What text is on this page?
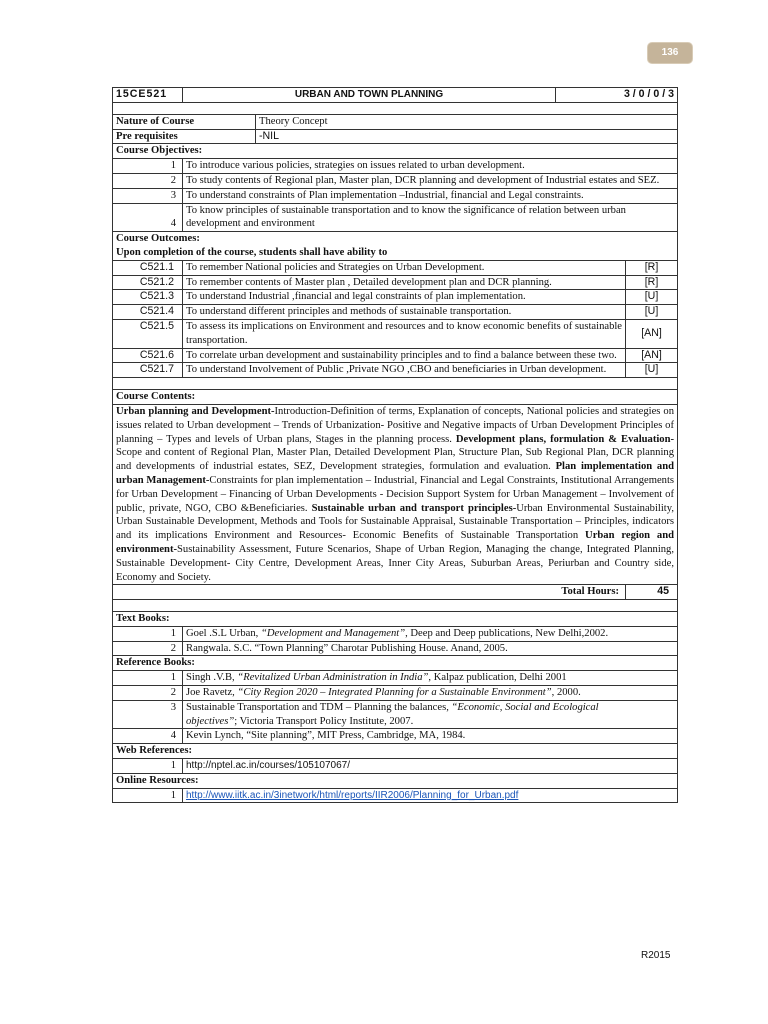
136
15CE521	URBAN AND TOWN PLANNING		3 / 0 / 0 / 3	

Nature of Course		Theory Concept		
Pre requisites		-NIL		
Course Objectives:				
1	To introduce various policies, strategies on issues related to urban development.			
2	To study contents of Regional plan, Master plan, DCR planning and development of Industrial estates and SEZ.			
3	To understand constraints of Plan implementation –Industrial, financial and Legal constraints.			
4	To know principles of sustainable transportation and to know the significance of relation between urban development and environment			
Course Outcomes:
Upon completion of the course, students shall have ability to				
C521.1	To remember National policies and Strategies on Urban Development.			[R]
C521.2	To remember contents of Master plan , Detailed development plan and DCR planning.			[R]
C521.3	To understand Industrial ,financial and legal constraints of plan implementation.			[U]
C521.4	To understand different principles and methods of sustainable transportation.			[U]
C521.5	To assess its implications on Environment and resources and to know economic benefits of sustainable transportation.			[AN]
C521.6	To correlate urban development and sustainability principles and to find a balance between these two.			[AN]
C521.7	To understand Involvement of Public ,Private NGO ,CBO and beneficiaries in Urban development.			[U]

Course Contents:				
Urban planning and Development-Introduction-Definition of terms, Explanation of concepts, National policies and strategies on issues related to Urban development – Trends of Urbanization- Positive and Negative impacts of Urban Development Principles of planning – Types and levels of Urban plans, Stages in the planning process. Development plans, formulation & Evaluation-Scope and content of Regional Plan, Master Plan, Detailed Development Plan, Structure Plan, Sub Regional Plan, DCR planning and developments of industrial estates, SEZ, Development strategies, formulation and evaluation. Plan implementation and urban Management-Constraints for plan implementation – Industrial, Financial and Legal Constraints, Institutional Arrangements for Urban Development – Financing of Urban Developments - Decision Support System for Urban Management – Involvement of public, private, NGO, CBO &Beneficiaries. Sustainable urban and transport principles-Urban Environmental Sustainability, Urban Sustainable Development, Methods and Tools for Sustainable Appraisal, Sustainable Transportation – Principles, indicators and its implications Environment and Resources- Economic Benefits of Sustainable Transportation Urban region and environment-Sustainability Assessment, Future Scenarios, Shape of Urban Region, Managing the change, Integrated Planning, Sustainable Development- City Centre, Development Areas, Inner City Areas, Suburban Areas, Periurban and Country side, Economy and Society.				
Total Hours:				45

Text Books:				
1	Goel .S.L Urban, “Development and Management”, Deep and Deep publications, New Delhi,2002.			
2	Rangwala. S.C. “Town Planning” Charotar Publishing House. Anand, 2005.			
Reference Books:				
1	Singh .V.B, “Revitalized Urban Administration in India”, Kalpaz publication, Delhi 2001			
2	Joe Ravetz, “City Region 2020 – Integrated Planning for a Sustainable Environment”, 2000.			
3	Sustainable Transportation and TDM – Planning the balances, “Economic, Social and Ecological objectives”; Victoria Transport Policy Institute, 2007.			
4	Kevin Lynch, “Site planning”, MIT Press, Cambridge, MA, 1984.			
Web References:				
1	http://nptel.ac.in/courses/105107067/			
Online Resources:				
1	http://www.iitk.ac.in/3inetwork/html/reports/IIR2006/Planning_for_Urban.pdf			
R2015
